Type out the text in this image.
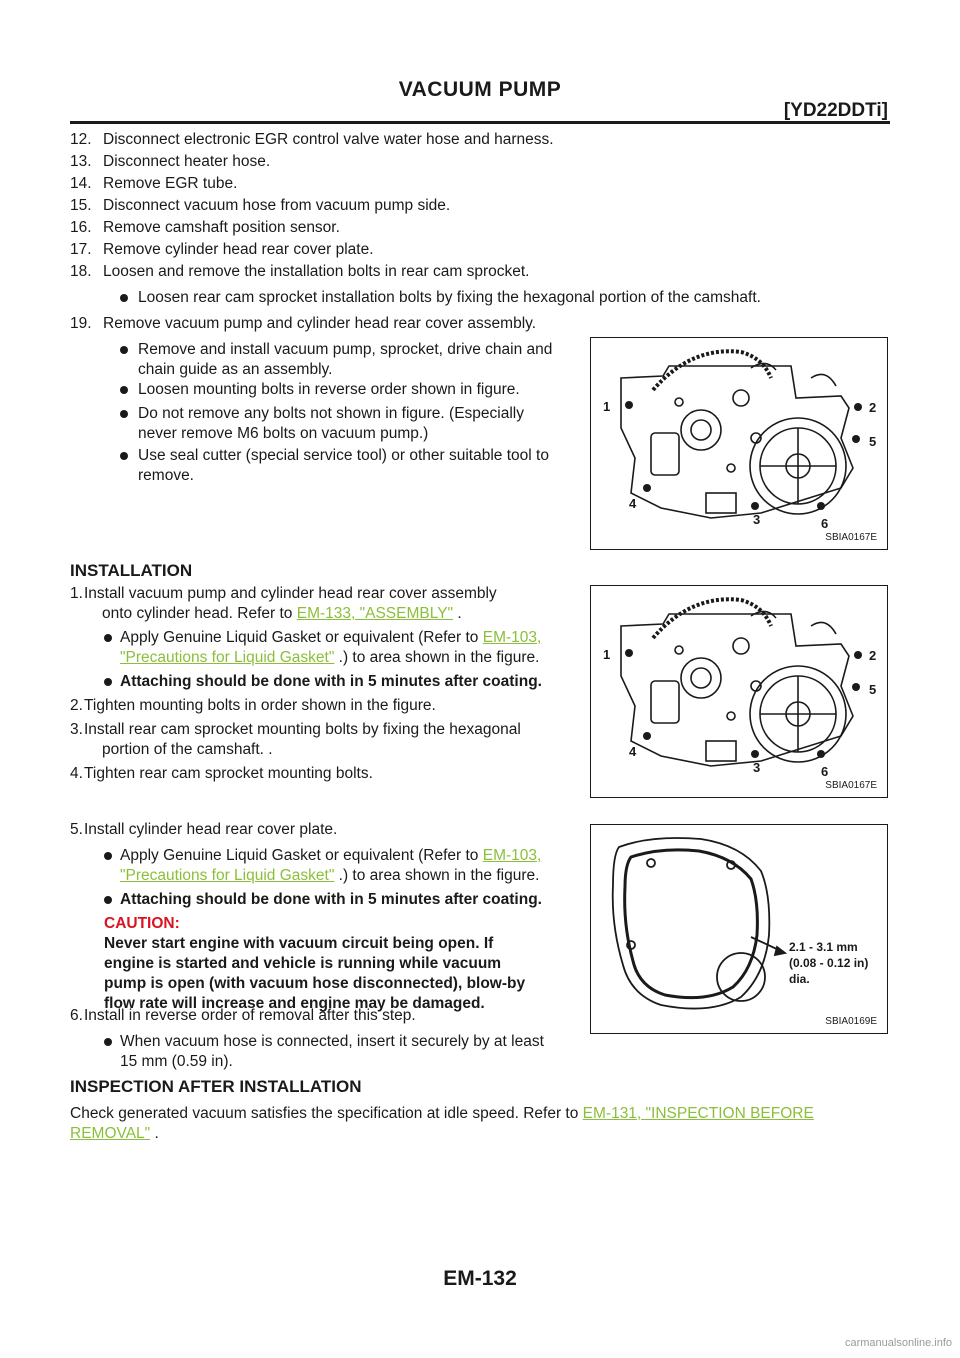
VACUUM PUMP
[YD22DDTi]
12. Disconnect electronic EGR control valve water hose and harness.
13. Disconnect heater hose.
14. Remove EGR tube.
15. Disconnect vacuum hose from vacuum pump side.
16. Remove camshaft position sensor.
17. Remove cylinder head rear cover plate.
18. Loosen and remove the installation bolts in rear cam sprocket.
Loosen rear cam sprocket installation bolts by fixing the hexagonal portion of the camshaft.
19. Remove vacuum pump and cylinder head rear cover assembly.
Remove and install vacuum pump, sprocket, drive chain and
chain guide as an assembly.
Loosen mounting bolts in reverse order shown in figure.
Do not remove any bolts not shown in figure. (Especially
never remove M6 bolts on vacuum pump.)
Use seal cutter (special service tool) or other suitable tool to
remove.
INSTALLATION
1. Install vacuum pump and cylinder head rear cover assembly
onto cylinder head. Refer to EM-133, "ASSEMBLY" .
Apply Genuine Liquid Gasket or equivalent (Refer to EM-103,
"Precautions for Liquid Gasket" .) to area shown in the figure.
Attaching should be done with in 5 minutes after coating.
2. Tighten mounting bolts in order shown in the figure.
3. Install rear cam sprocket mounting bolts by fixing the hexagonal
portion of the camshaft. .
4. Tighten rear cam sprocket mounting bolts.
5. Install cylinder head rear cover plate.
Apply Genuine Liquid Gasket or equivalent (Refer to EM-103,
"Precautions for Liquid Gasket" .) to area shown in the figure.
Attaching should be done with in 5 minutes after coating.
CAUTION:
Never start engine with vacuum circuit being open. If
engine is started and vehicle is running while vacuum
pump is open (with vacuum hose disconnected), blow-by
flow rate will increase and engine may be damaged.
6. Install in reverse order of removal after this step.
When vacuum hose is connected, insert it securely by at least
15 mm (0.59 in).
INSPECTION AFTER INSTALLATION
Check generated vacuum satisfies the specification at idle speed. Refer to EM-131, "INSPECTION BEFORE
REMOVAL" .
1	2
5
4
3	6
SBIA0167E
1	2
5
4
3	6
SBIA0167E
2.1 - 3.1 mm
(0.08 - 0.12 in)
dia.
SBIA0169E
EM-132
carmanualsonline.info
